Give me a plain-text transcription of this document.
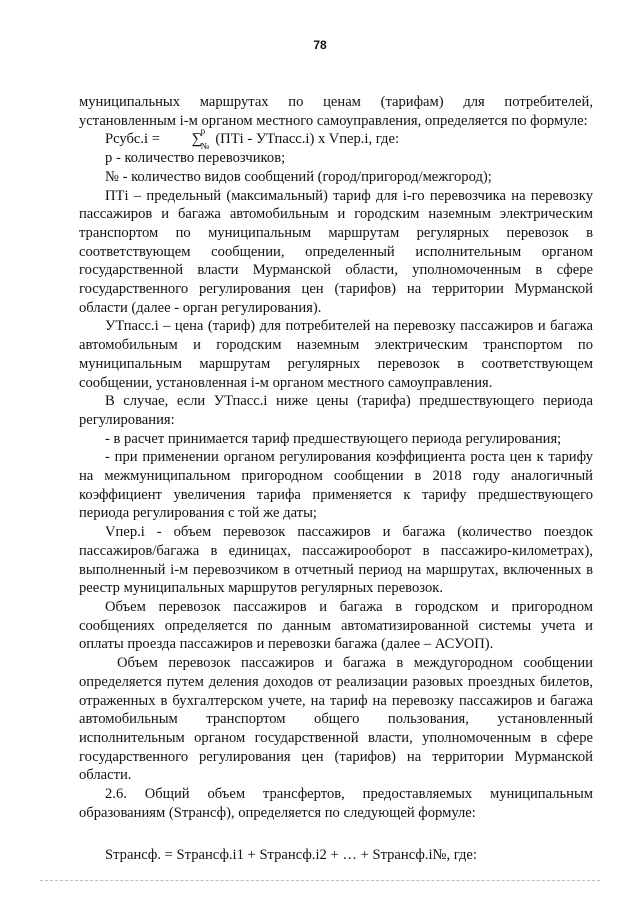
78

муниципальных маршрутах по ценам (тарифам) для потребителей, установленным i-м органом местного самоуправления, определяется по формуле:

Рсубс.i = ∑
p
№ (ПТi - УТпасс.i) x Vпер.i, где:

р - количество перевозчиков;

№ - количество видов сообщений (город/пригород/межгород);

ПТi – предельный (максимальный) тариф для i-го перевозчика на перевозку пассажиров и багажа автомобильным и городским наземным электрическим транспортом по муниципальным маршрутам регулярных перевозок в соответствующем сообщении, определенный исполнительным органом государственной власти Мурманской области, уполномоченным в сфере государственного регулирования цен (тарифов) на территории Мурманской области (далее - орган регулирования).

УТпасс.i – цена (тариф) для потребителей на перевозку пассажиров и багажа автомобильным и городским наземным электрическим транспортом по муниципальным маршрутам регулярных перевозок в соответствующем сообщении, установленная i-м органом местного самоуправления.

В случае, если УТпасс.i ниже цены (тарифа) предшествующего периода регулирования:

- в расчет принимается тариф предшествующего периода регулирования;

- при применении органом регулирования коэффициента роста цен к тарифу на межмуниципальном пригородном сообщении в 2018 году аналогичный коэффициент увеличения тарифа применяется к тарифу предшествующего периода регулирования с той же даты;

Vпер.i - объем перевозок пассажиров и багажа (количество поездок пассажиров/багажа в единицах, пассажирооборот в пассажиро-километрах), выполненный i-м перевозчиком в отчетный период на маршрутах, включенных в реестр муниципальных маршрутов регулярных перевозок.

Объем перевозок пассажиров и багажа в городском и пригородном сообщениях определяется по данным автоматизированной системы учета и оплаты проезда пассажиров и перевозки багажа (далее – АСУОП).

Объем перевозок пассажиров и багажа в междугородном сообщении определяется путем деления доходов от реализации разовых проездных билетов, отраженных в бухгалтерском учете, на тариф на перевозку пассажиров и багажа автомобильным транспортом общего пользования, установленный исполнительным органом государственной власти, уполномоченным в сфере государственного регулирования цен (тарифов) на территории Мурманской области.

2.6. Общий объем трансфертов, предоставляемых муниципальным образованиям (Sтрансф), определяется по следующей формуле:

Sтрансф. = Sтрансф.i1 + Sтрансф.i2 + … + Sтрансф.i№, где:
